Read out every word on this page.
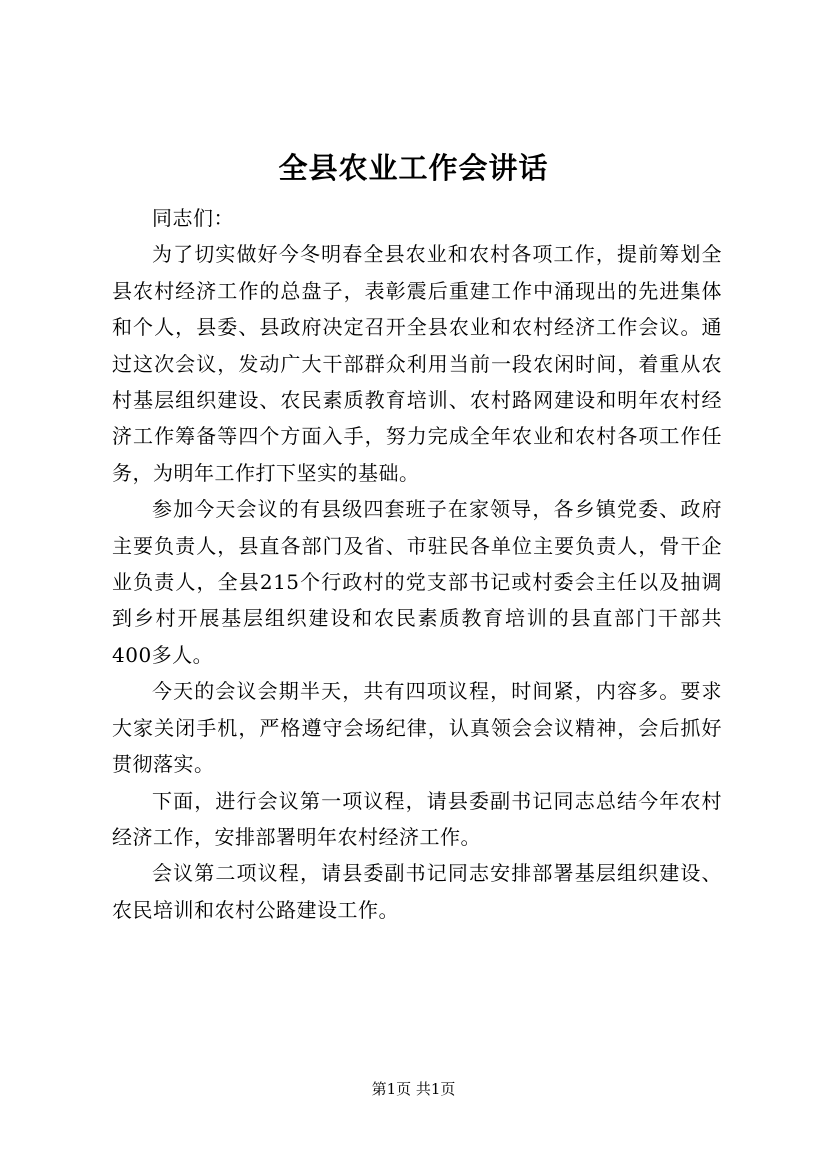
全县农业工作会讲话

同志们：

为了切实做好今冬明春全县农业和农村各项工作，提前筹划全县农村经济工作的总盘子，表彰震后重建工作中涌现出的先进集体和个人，县委、县政府决定召开全县农业和农村经济工作会议。通过这次会议，发动广大干部群众利用当前一段农闲时间，着重从农村基层组织建设、农民素质教育培训、农村路网建设和明年农村经济工作筹备等四个方面入手，努力完成全年农业和农村各项工作任务，为明年工作打下坚实的基础。

参加今天会议的有县级四套班子在家领导，各乡镇党委、政府主要负责人，县直各部门及省、市驻民各单位主要负责人，骨干企业负责人，全县215个行政村的党支部书记或村委会主任以及抽调到乡村开展基层组织建设和农民素质教育培训的县直部门干部共400多人。

今天的会议会期半天，共有四项议程，时间紧，内容多。要求大家关闭手机，严格遵守会场纪律，认真领会会议精神，会后抓好贯彻落实。

下面，进行会议第一项议程，请县委副书记同志总结今年农村经济工作，安排部署明年农村经济工作。

会议第二项议程，请县委副书记同志安排部署基层组织建设、农民培训和农村公路建设工作。

第1页 共1页
